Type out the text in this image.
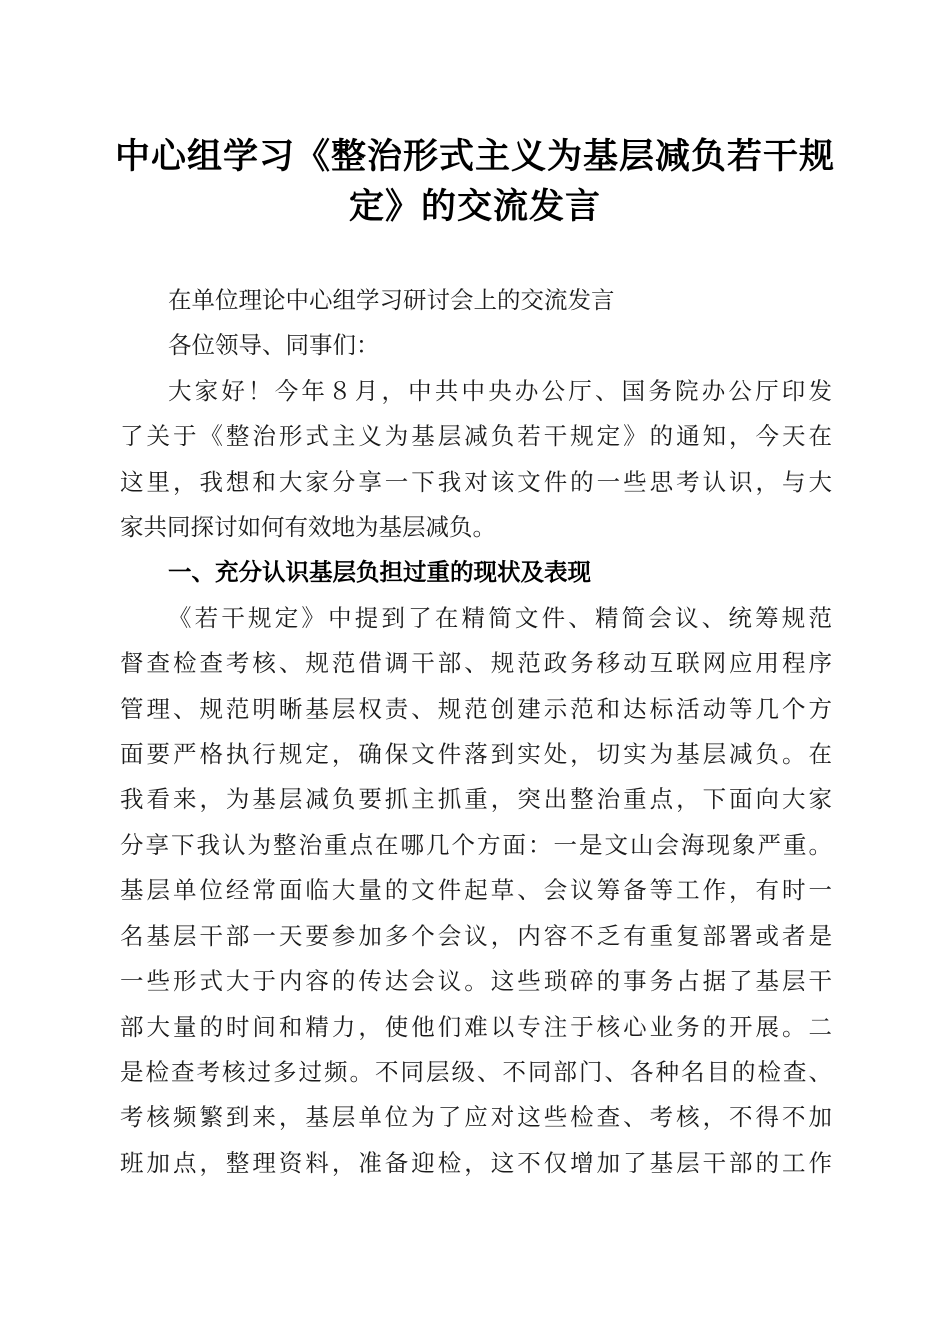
中心组学习《整治形式主义为基层减负若干规
定》的交流发言

在单位理论中心组学习研讨会上的交流发言

各位领导、同事们：

大家好！今年８月，中共中央办公厅、国务院办公厅印发
了关于《整治形式主义为基层减负若干规定》的通知，今天在
这里，我想和大家分享一下我对该文件的一些思考认识，与大
家共同探讨如何有效地为基层减负。

一、充分认识基层负担过重的现状及表现

《若干规定》中提到了在精简文件、精简会议、统筹规范
督查检查考核、规范借调干部、规范政务移动互联网应用程序
管理、规范明晰基层权责、规范创建示范和达标活动等几个方
面要严格执行规定，确保文件落到实处，切实为基层减负。在
我看来，为基层减负要抓主抓重，突出整治重点，下面向大家
分享下我认为整治重点在哪几个方面：一是文山会海现象严重。
基层单位经常面临大量的文件起草、会议筹备等工作，有时一
名基层干部一天要参加多个会议，内容不乏有重复部署或者是
一些形式大于内容的传达会议。这些琐碎的事务占据了基层干
部大量的时间和精力，使他们难以专注于核心业务的开展。二
是检查考核过多过频。不同层级、不同部门、各种名目的检查、
考核频繁到来，基层单位为了应对这些检查、考核，不得不加
班加点，整理资料，准备迎检，这不仅增加了基层干部的工作
